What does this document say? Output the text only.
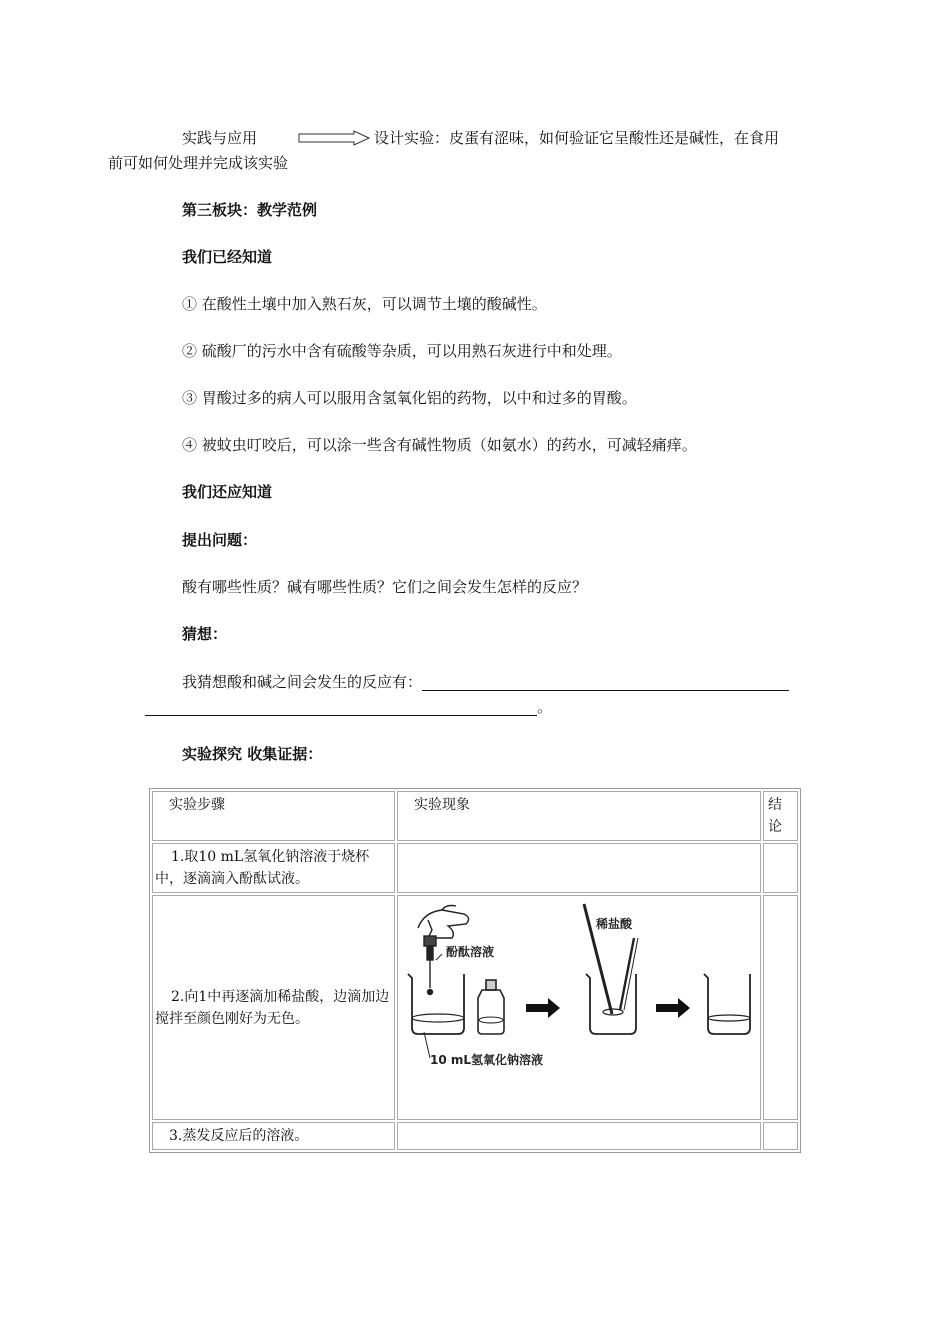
实践与应用	设计实验：皮蛋有涩味，如何验证它呈酸性还是碱性，在食用
前可如何处理并完成该实验

第三板块：教学范例

我们已经知道

① 在酸性土壤中加入熟石灰，可以调节土壤的酸碱性。

② 硫酸厂的污水中含有硫酸等杂质，可以用熟石灰进行中和处理。

③ 胃酸过多的病人可以服用含氢氧化铝的药物，以中和过多的胃酸。

④ 被蚊虫叮咬后，可以涂一些含有碱性物质（如氨水）的药水，可减轻痛痒。

我们还应知道

提出问题：

酸有哪些性质？碱有哪些性质？它们之间会发生怎样的反应？

猜想：

我猜想酸和碱之间会发生的反应有：

。

实验探究 收集证据：

实验步骤	实验现象	结论
1.取10 mL氢氧化钠溶液于烧杯中，逐滴滴入酚酞试液。		
2.向1中再逐滴加稀盐酸，边滴加边搅拌至颜色刚好为无色。	酚酞溶液
10 mL氢氧化钠溶液
稀盐酸	

3.蒸发反应后的溶液。		
